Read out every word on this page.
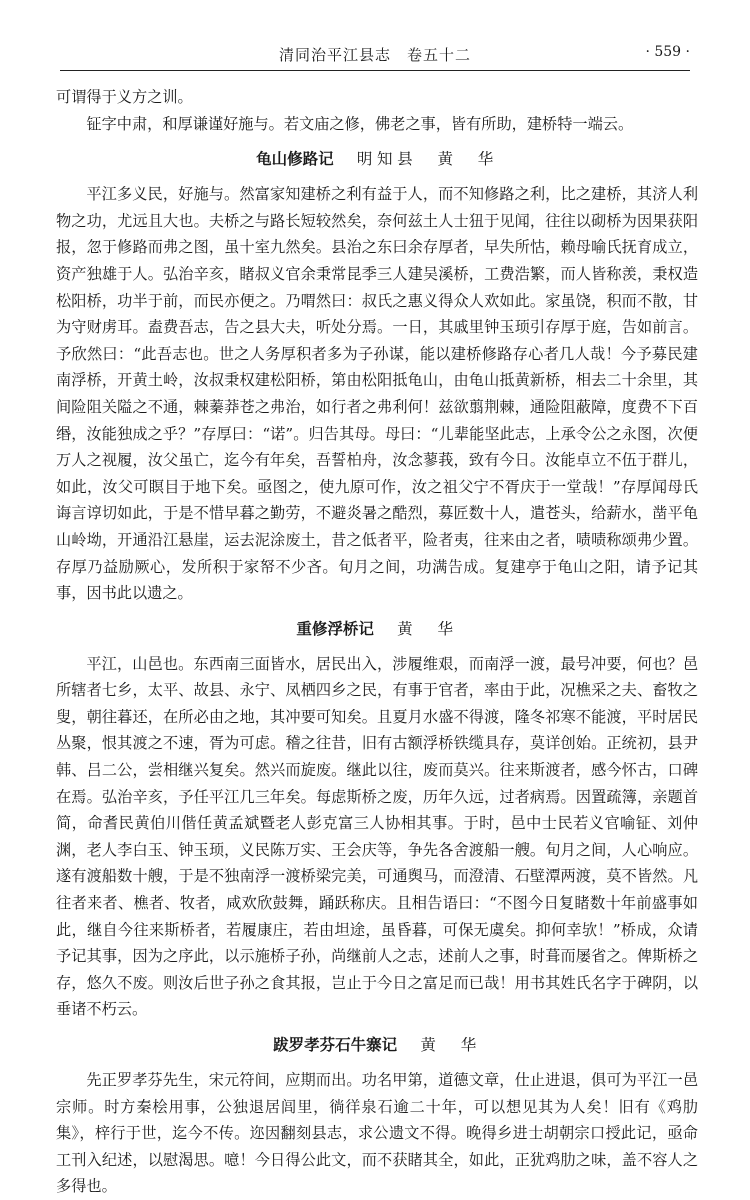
清同治平江县志　卷五十二	· 559 ·

可谓得于义方之训。

钲字中肃，和厚谦谨好施与。若文庙之修，佛老之事，皆有所助，建桥特一端云。

龟山修路记 明知县　黄　华

平江多义民，好施与。然富家知建桥之利有益于人，而不知修路之利，比之建桥，其济人利物之功，尤远且大也。夫桥之与路长短较然矣，奈何兹土人士狃于见闻，往往以砌桥为因果获阳报，忽于修路而弗之图，虽十室九然矣。县治之东曰余存厚者，早失所怙，赖母喻氏抚育成立，资产独雄于人。弘治辛亥，睹叔义官余秉常昆季三人建吴溪桥，工费浩繁，而人皆称羡，秉权造松阳桥，功半于前，而民亦便之。乃喟然曰：叔氏之惠义得众人欢如此。家虽饶，积而不散，甘为守财虏耳。盍费吾志，告之县大夫，听处分焉。一日，其戚里钟玉顼引存厚于庭，告如前言。予欣然曰：“此吾志也。世之人务厚积者多为子孙谋，能以建桥修路存心者几人哉！今予募民建南浮桥，开黄土岭，汝叔秉权建松阳桥，第由松阳抵龟山，由龟山抵黄新桥，相去二十余里，其间险阻关隘之不通，棘蓁莽苍之弗治，如行者之弗利何！兹欲翦荆棘，通险阻蔽障，度费不下百缗，汝能独成之乎？”存厚曰：“诺”。归告其母。母曰：“儿辈能坚此志，上承令公之永图，次便万人之视履，汝父虽亡，迄今有年矣，吾誓柏舟，汝念蓼莪，致有今日。汝能卓立不伍于群儿，如此，汝父可瞑目于地下矣。亟图之，使九原可作，汝之祖父宁不胥庆于一堂哉！”存厚闻母氏诲言谆切如此，于是不惜早暮之勤劳，不避炎暑之酷烈，募匠数十人，遣苍头，给薪水，凿平龟山岭坳，开通沿江悬崖，运去泥涂废土，昔之低者平，险者夷，往来由之者，啧啧称颂弗少置。存厚乃益励厥心，发所积于家帑不少吝。旬月之间，功满告成。复建亭于龟山之阳，请予记其事，因书此以遗之。

重修浮桥记 黄　华

平江，山邑也。东西南三面皆水，居民出入，涉履维艰，而南浮一渡，最号冲要，何也？邑所辖者七乡，太平、故县、永宁、凤栖四乡之民，有事于官者，率由于此，况樵采之夫、畜牧之叟，朝往暮还，在所必由之地，其冲要可知矣。且夏月水盛不得渡，隆冬祁寒不能渡，平时居民丛聚，恨其渡之不速，胥为可虑。稽之往昔，旧有古额浮桥铁缆具存，莫详创始。正统初，县尹韩、吕二公，尝相继兴复矣。然兴而旋废。继此以往，废而莫兴。往来斯渡者，感今怀古，口碑在焉。弘治辛亥，予任平江几三年矣。每虑斯桥之废，历年久远，过者病焉。因置疏簿，亲题首简，命耆民黄伯川偕任黄孟斌暨老人彭克富三人协相其事。于时，邑中士民若义官喻钲、刘仲渊，老人李白玉、钟玉顼，义民陈万实、王会庆等，争先各舍渡船一艘。旬月之间，人心响应。遂有渡船数十艘，于是不独南浮一渡桥梁完美，可通舆马，而澄清、石壁潭两渡，莫不皆然。凡往者来者、樵者、牧者，咸欢欣鼓舞，踊跃称庆。且相告语曰：“不图今日复睹数十年前盛事如此，继自今往来斯桥者，若履康庄，若由坦途，虽昏暮，可保无虞矣。抑何幸欤！”桥成，众请予记其事，因为之序此，以示施桥子孙，尚继前人之志，述前人之事，时葺而屡省之。俾斯桥之存，悠久不废。则汝后世子孙之食其报，岂止于今日之富足而已哉！用书其姓氏名字于碑阴，以垂诸不朽云。

跋罗孝芬石牛寨记 黄　华

先正罗孝芬先生，宋元符间，应期而出。功名甲第，道德文章，仕止进退，俱可为平江一邑宗师。时方秦桧用事，公独退居闾里，徜徉泉石逾二十年，可以想见其为人矣！旧有《鸡肋集》，梓行于世，迄今不传。迩因翻刻县志，求公遗文不得。晚得乡进士胡朝宗口授此记，亟命工刊入纪述，以慰渴思。噫！今日得公此文，而不获睹其全，如此，正犹鸡肋之味，盖不容人之多得也。
